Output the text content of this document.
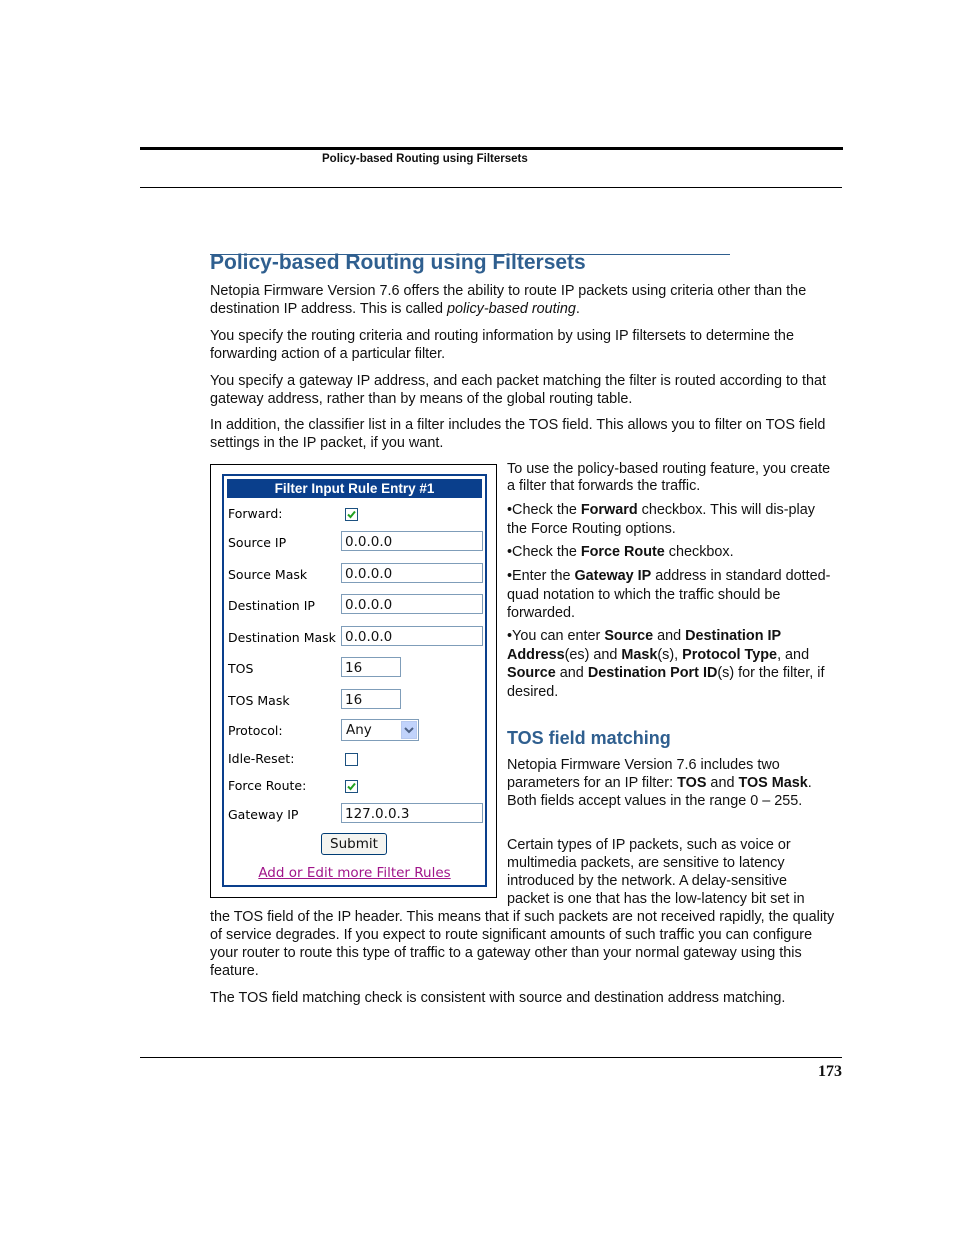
Policy-based Routing using Filtersets
Policy-based Routing using Filtersets

Netopia Firmware Version 7.6 offers the ability to route IP packets using criteria other than the destination IP address. This is called policy-based routing.

You specify the routing criteria and routing information by using IP filtersets to determine the forwarding action of a particular filter.

You specify a gateway IP address, and each packet matching the filter is routed according to that gateway address, rather than by means of the global routing table.

In addition, the classifier list in a filter includes the TOS field. This allows you to filter on TOS field settings in the IP packet, if you want.

Filter Input Rule Entry #1
Forward:
Source IP	0.0.0.0
Source Mask	0.0.0.0
Destination IP 0.0.0.0
Destination Mask 0.0.0.0
TOS	16
TOS Mask	16
Protocol:	Any
Idle-Reset:
Force Route:
Gateway IP	127.0.0.3
Submit
Add or Edit more Filter Rules

To use the policy-based routing feature, you create a filter that forwards the traffic.

•Check the Forward checkbox. This will dis-play the Force Routing options.

•Check the Force Route checkbox.

•Enter the Gateway IP address in standard dotted-quad notation to which the traffic should be forwarded.

•You can enter Source and Destination IP Address(es) and Mask(s), Protocol Type, and Source and Destination Port ID(s) for the filter, if desired.

TOS field matching

Netopia Firmware Version 7.6 includes two parameters for an IP filter: TOS and TOS Mask. Both fields accept values in the range 0 – 255.

Certain types of IP packets, such as voice or multimedia packets, are sensitive to latency introduced by the network. A delay-sensitive packet is one that has the low-latency bit set in

the TOS field of the IP header. This means that if such packets are not received rapidly, the quality of service degrades. If you expect to route significant amounts of such traffic you can configure your router to route this type of traffic to a gateway other than your normal gateway using this feature.

The TOS field matching check is consistent with source and destination address matching.

173
